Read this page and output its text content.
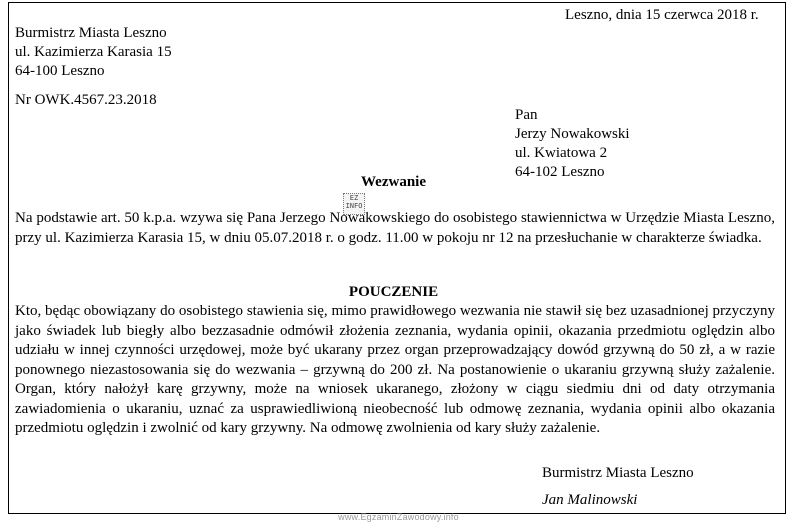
Leszno, dnia 15 czerwca 2018 r.
Burmistrz Miasta Leszno
ul. Kazimierza Karasia 15
64-100 Leszno
Nr OWK.4567.23.2018
Pan
Jerzy Nowakowski
ul. Kwiatowa 2
64-102 Leszno
Wezwanie
EZ INFO
Na podstawie art. 50 k.p.a. wzywa się Pana Jerzego Nowakowskiego do osobistego stawiennictwa w Urzędzie Miasta Leszno, przy ul. Kazimierza Karasia 15, w dniu 05.07.2018 r. o godz. 11.00 w pokoju nr 12 na przesłuchanie w charakterze świadka.
POUCZENIE
Kto, będąc obowiązany do osobistego stawienia się, mimo prawidłowego wezwania nie stawił się bez uzasadnionej przyczyny jako świadek lub biegły albo bezzasadnie odmówił złożenia zeznania, wydania opinii, okazania przedmiotu oględzin albo udziału w innej czynności urzędowej, może być ukarany przez organ przeprowadzający dowód grzywną do 50 zł, a w razie ponownego niezastosowania się do wezwania – grzywną do 200 zł. Na postanowienie o ukaraniu grzywną służy zażalenie. Organ, który nałożył karę grzywny, może na wniosek ukaranego, złożony w ciągu siedmiu dni od daty otrzymania zawiadomienia o ukaraniu, uznać za usprawiedliwioną nieobecność lub odmowę zeznania, wydania opinii albo okazania przedmiotu oględzin i zwolnić od kary grzywny. Na odmowę zwolnienia od kary służy zażalenie.
Burmistrz Miasta Leszno
Jan Malinowski
www.EgzaminZawodowy.info
